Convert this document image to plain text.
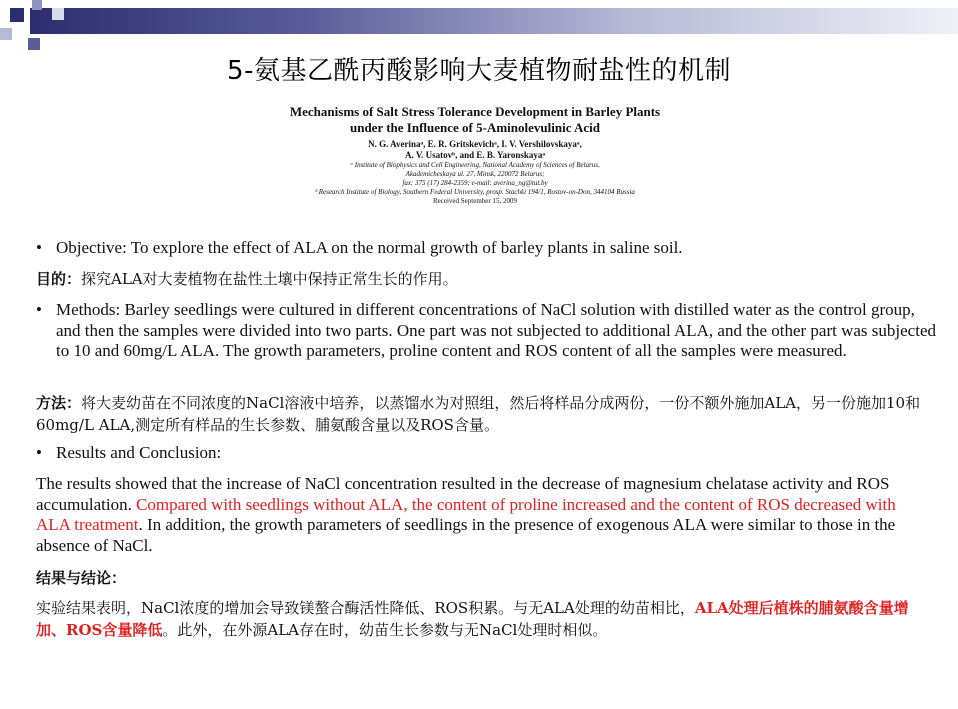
5-氨基乙酰丙酸影响大麦植物耐盐性的机制
Mechanisms of Salt Stress Tolerance Development in Barley Plants
under the Influence of 5-Aminolevulinic Acid
N. G. Averinaᵃ, E. R. Gritskevichᵃ, I. V. Vershilovskayaᵃ,
A. V. Usatovᵇ, and E. B. Yaronskayaᵃ
ᵃ Institute of Biophysics and Cell Engineering, National Academy of Sciences of Belarus,
Akademicheskaya ul. 27, Minsk, 220072 Belarus;
fax: 375 (17) 284-2359; e-mail: averina_ng@tut.by
ᵇ Research Institute of Biology, Southern Federal University, prosp. Stachki 194/1, Rostov-on-Don, 344104 Russia
Received September 15, 2009
• Objective: To explore the effect of ALA on the normal growth of barley plants in saline soil.
目的：探究ALA对大麦植物在盐性土壤中保持正常生长的作用。
• Methods: Barley seedlings were cultured in different concentrations of NaCl solution with distilled water as the control group, and then the samples were divided into two parts. One part was not subjected to additional ALA, and the other part was subjected to 10 and 60mg/L ALA. The growth parameters, proline content and ROS content of all the samples were measured.
方法：将大麦幼苗在不同浓度的NaCl溶液中培养，以蒸馏水为对照组，然后将样品分成两份，一份不额外施加ALA，另一份施加10和60mg/L ALA,测定所有样品的生长参数、脯氨酸含量以及ROS含量。
• Results and Conclusion:
The results showed that the increase of NaCl concentration resulted in the decrease of magnesium chelatase activity and ROS accumulation. Compared with seedlings without ALA, the content of proline increased and the content of ROS decreased with ALA treatment. In addition, the growth parameters of seedlings in the presence of exogenous ALA were similar to those in the absence of NaCl.
结果与结论：
实验结果表明，NaCl浓度的增加会导致镁螯合酶活性降低、ROS积累。与无ALA处理的幼苗相比，ALA处理后植株的脯氨酸含量增加、ROS含量降低。此外，在外源ALA存在时，幼苗生长参数与无NaCl处理时相似。
